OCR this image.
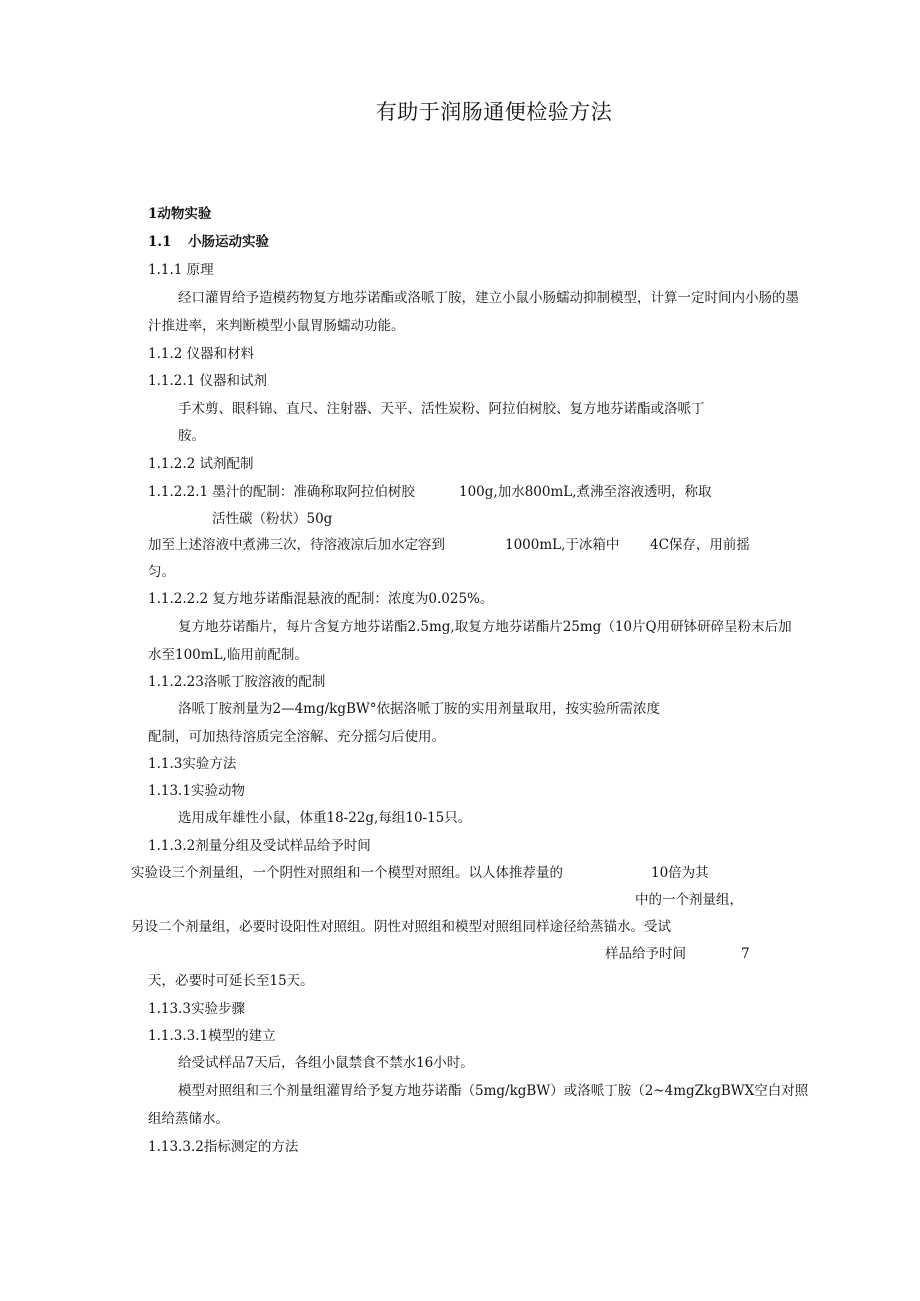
有助于润肠通便检验方法
1动物实验
1.1 小肠运动实验
1.1.1 原理
经口灌胃给予造模药物复方地芬诺酯或洛哌丁胺，建立小鼠小肠蠕动抑制模型，计算一定时间内小肠的墨
汁推进率，来判断模型小鼠胃肠蠕动功能。
1.1.2 仪器和材料
1.1.2.1 仪器和试剂
手术剪、眼科锦、直尺、注射器、天平、活性炭粉、阿拉伯树胶、复方地芬诺酯或洛哌丁
胺。
1.1.2.2 试剂配制
1.1.2.2.1 墨汁的配制：准确称取阿拉伯树胶	100g,加水800mL,煮沸至溶液透明，称取
活性碳（粉状）50g
加至上述溶液中煮沸三次，待溶液凉后加水定容到	1000mL,于冰箱中 4C保存，用前摇
匀。
1.1.2.2.2 复方地芬诺酯混悬液的配制：浓度为0.025%。
复方地芬诺酯片，每片含复方地芬诺酯2.5mg,取复方地芬诺酯片25mg（10片Q用研钵研碎呈粉末后加
水至100mL,临用前配制。
1.1.2.23洛哌丁胺溶液的配制
洛哌丁胺剂量为2—4mg/kgBW°依据洛哌丁胺的实用剂量取用，按实验所需浓度
配制，可加热待溶质完全溶解、充分摇匀后使用。
1.1.3实验方法
1.13.1实验动物
选用成年雄性小鼠，体重18-22g,每组10-15只。
1.1.3.2剂量分组及受试样品给予时间
实验设三个剂量组，一个阴性对照组和一个模型对照组。以人体推荐量的	10倍为其
中的一个剂量组，
另设二个剂量组，必要时设阳性对照组。阴性对照组和模型对照组同样途径给蒸锚水。受试
样品给予时间	7
天，必要时可延长至15天。
1.13.3实验步骤
1.1.3.3.1模型的建立
给受试样品7天后，各组小鼠禁食不禁水16小时。
模型对照组和三个剂量组灌胃给予复方地芬诺酯（5mg/kgBW）或洛哌丁胺（2~4mgZkgBWX空白对照
组给蒸储水。
1.13.3.2指标测定的方法
